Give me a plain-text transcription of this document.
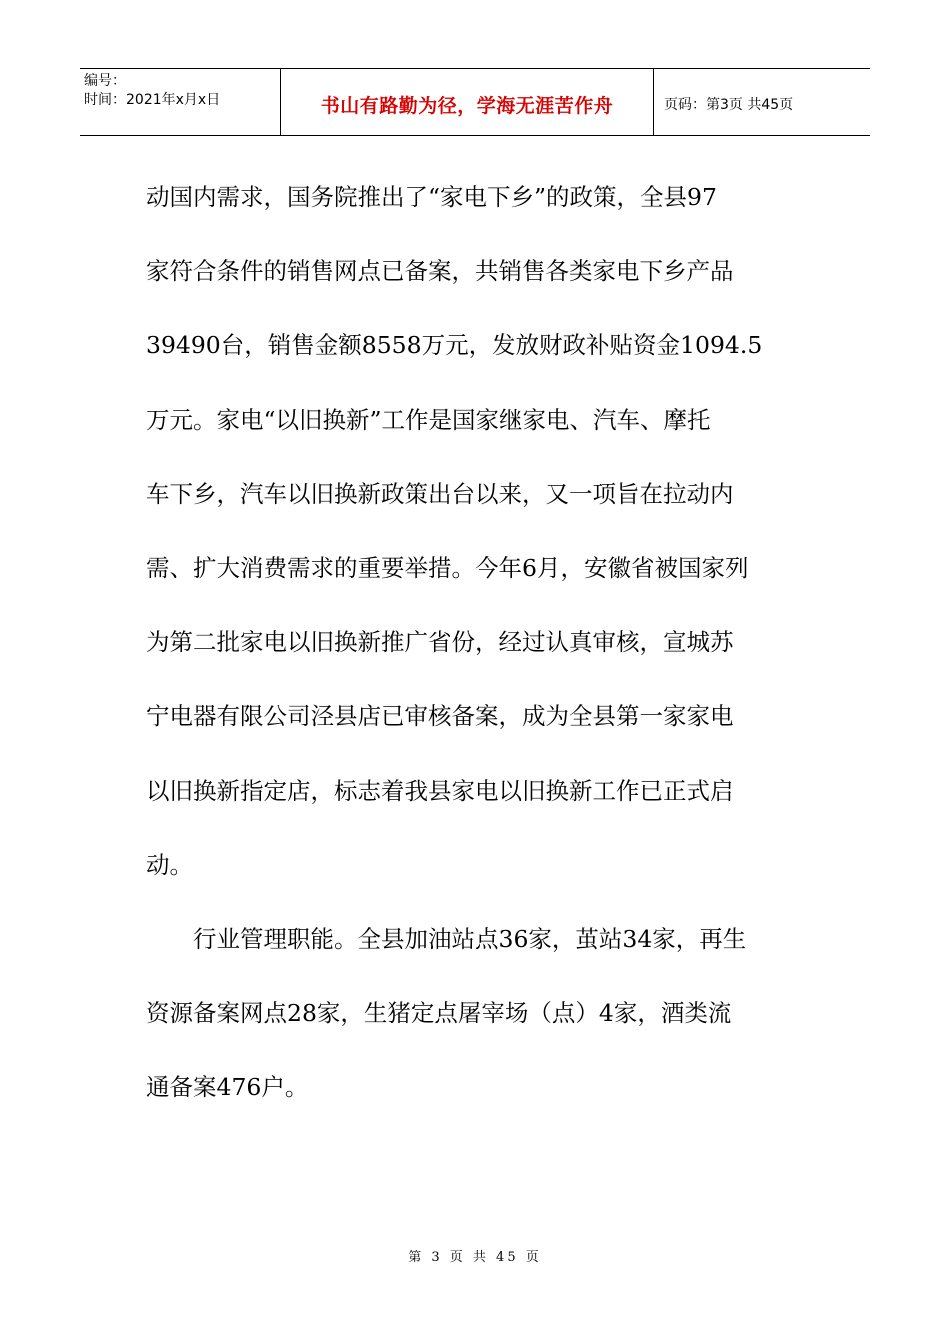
编号：
时间：2021年x月x日	书山有路勤为径，学海无涯苦作舟	页码：第3页 共45页

动国内需求，国务院推出了“家电下乡”的政策，全县97

家符合条件的销售网点已备案，共销售各类家电下乡产品

39490台，销售金额8558万元，发放财政补贴资金1094.5

万元。家电“以旧换新”工作是国家继家电、汽车、摩托

车下乡，汽车以旧换新政策出台以来，又一项旨在拉动内

需、扩大消费需求的重要举措。今年6月，安徽省被国家列

为第二批家电以旧换新推广省份，经过认真审核，宣城苏

宁电器有限公司泾县店已审核备案，成为全县第一家家电

以旧换新指定店，标志着我县家电以旧换新工作已正式启

动。

行业管理职能。全县加油站点36家，茧站34家，再生

资源备案网点28家，生猪定点屠宰场（点）4家，酒类流

通备案476户。

第 3 页 共 45 页
